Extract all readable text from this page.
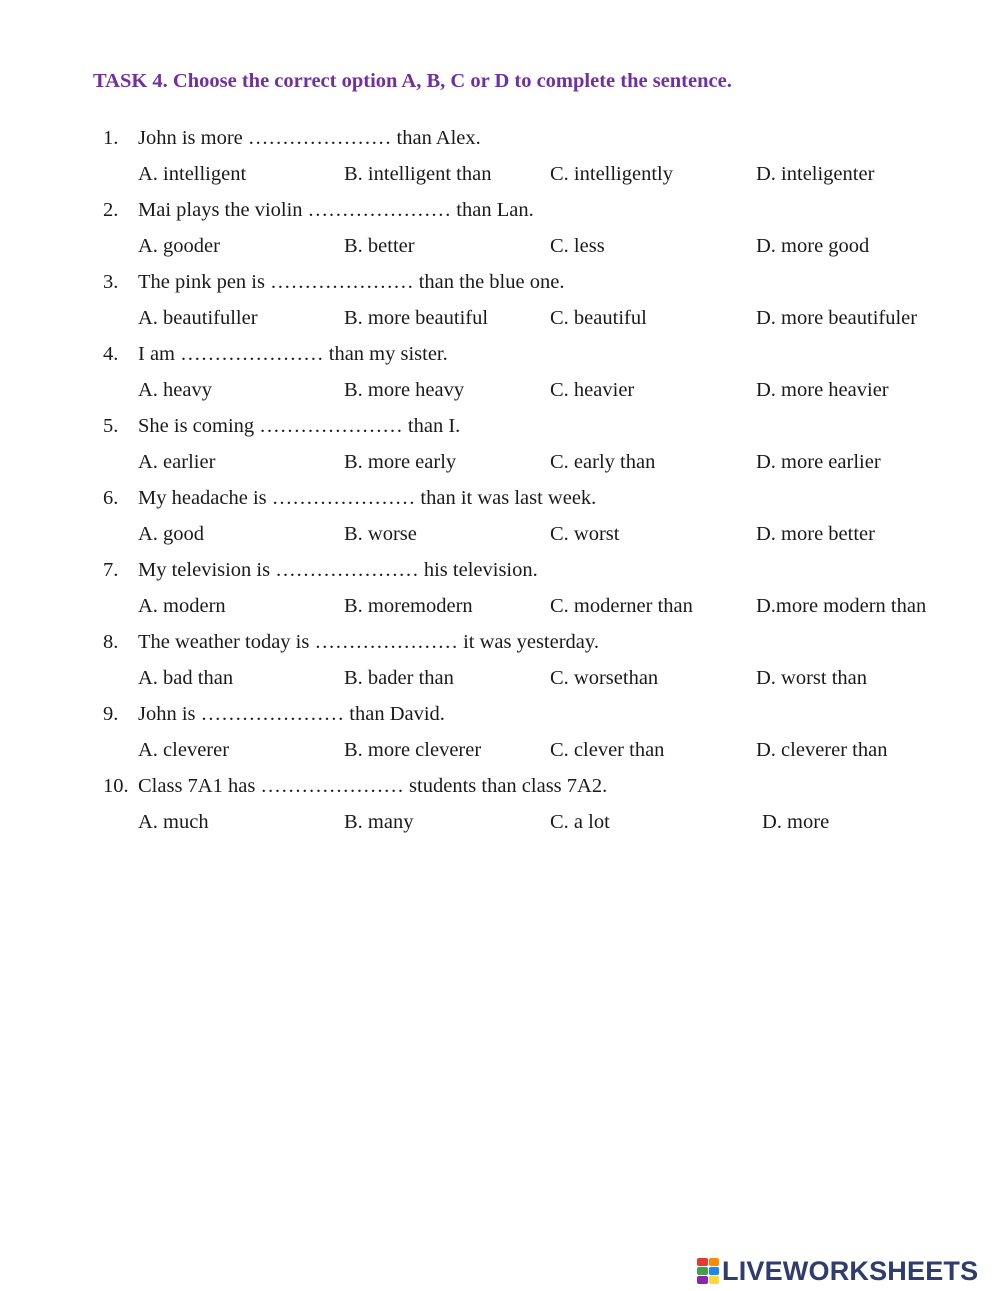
TASK 4. Choose the correct option A, B, C or D to complete the sentence.
1. John is more ………………… than Alex.
A. intelligent	B. intelligent than	C. intelligently	D. inteligenter
2. Mai plays the violin ………………… than Lan.
A. gooder	B. better	C. less	D. more good
3. The pink pen is ………………… than the blue one.
A. beautifuller	B. more beautiful	C. beautiful	D. more beautifuler
4. I am ………………… than my sister.
A. heavy	B. more heavy	C. heavier	D. more heavier
5. She is coming ………………… than I.
A. earlier	B. more early	C. early than	D. more earlier
6. My headache is ………………… than it was last week.
A. good	B. worse	C. worst	D. more better
7. My television is ………………… his television.
A. modern	B. moremodern	C. moderner than	D.more modern than
8. The weather today is ………………… it was yesterday.
A. bad than	B. bader than	C. worsethan	D. worst than
9. John is ………………… than David.
A. cleverer	B. more cleverer	C. clever than	D. cleverer than
10. Class 7A1 has ………………… students than class 7A2.
A. much	B. many	C. a lot	D. more
LIVEWORKSHEETS
